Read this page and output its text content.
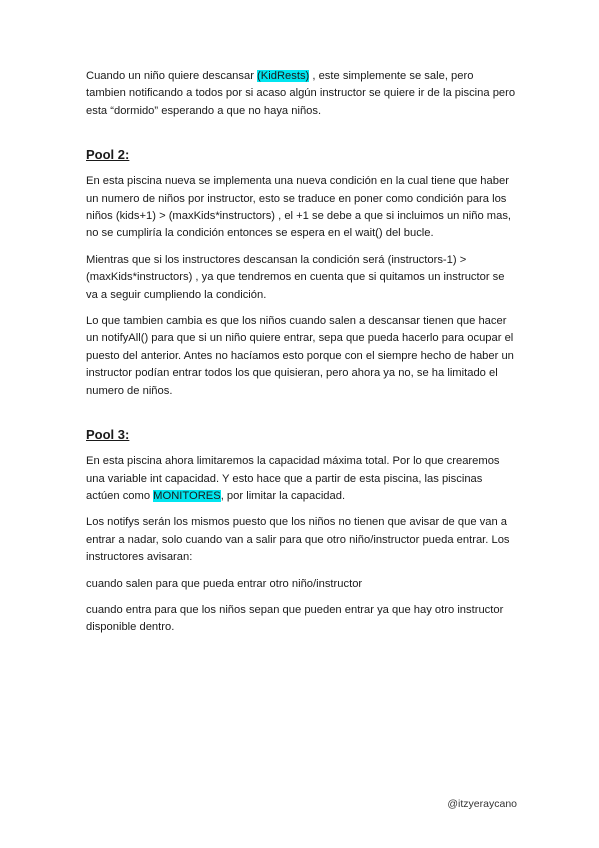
Cuando un niño quiere descansar (KidRests) , este simplemente se sale, pero tambien notificando a todos por si acaso algún instructor se quiere ir de la piscina pero esta “dormido” esperando a que no haya niños.

Pool 2:

En esta piscina nueva se implementa una nueva condición en la cual tiene que haber un numero de niños por instructor, esto se traduce en poner como condición para los niños (kids+1) > (maxKids*instructors) , el +1 se debe a que si incluimos un niño mas, no se cumpliría la condición entonces se espera en el wait() del bucle.

Mientras que si los instructores descansan la condición será (instructors-1) > (maxKids*instructors) , ya que tendremos en cuenta que si quitamos un instructor se va a seguir cumpliendo la condición.

Lo que tambien cambia es que los niños cuando salen a descansar tienen que hacer un notifyAll() para que si un niño quiere entrar, sepa que pueda hacerlo para ocupar el puesto del anterior. Antes no hacíamos esto porque con el siempre hecho de haber un instructor podían entrar todos los que quisieran, pero ahora ya no, se ha limitado el numero de niños.

Pool 3:

En esta piscina ahora limitaremos la capacidad máxima total. Por lo que crearemos una variable int capacidad. Y esto hace que a partir de esta piscina, las piscinas actúen como MONITORES, por limitar la capacidad.

Los notifys serán los mismos puesto que los niños no tienen que avisar de que van a entrar a nadar, solo cuando van a salir para que otro niño/instructor pueda entrar. Los instructores avisaran:

cuando salen para que pueda entrar otro niño/instructor

cuando entra para que los niños sepan que pueden entrar ya que hay otro instructor disponible dentro.

@itzyeraycano
